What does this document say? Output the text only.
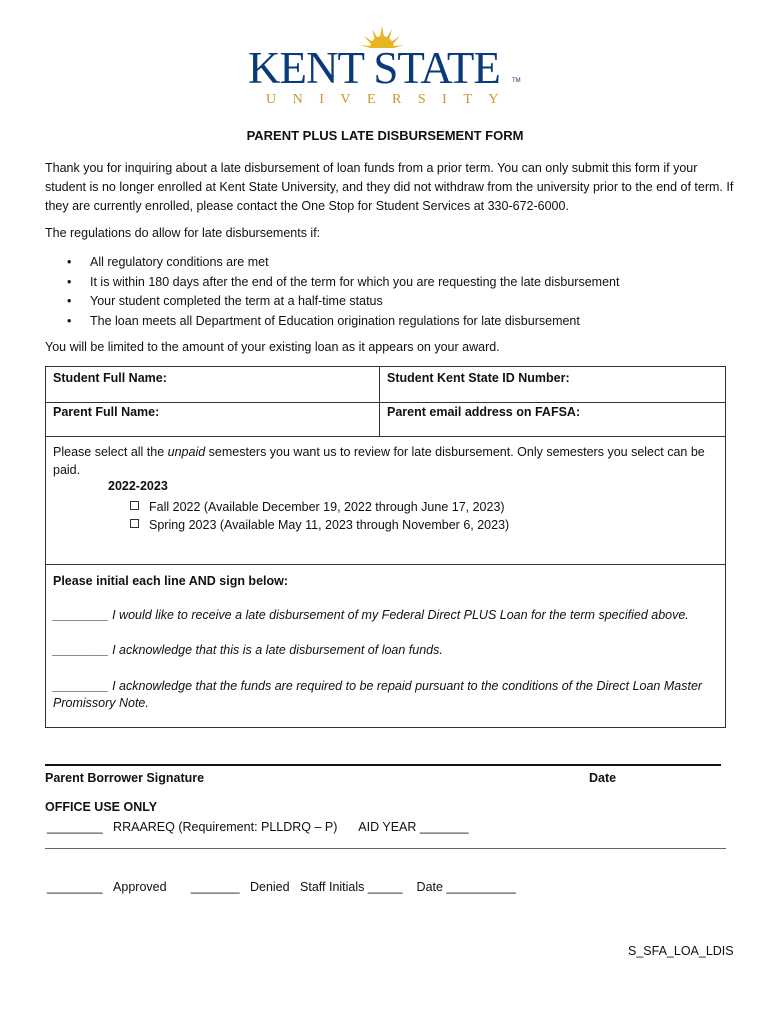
KENT STATE	TM
UNIVERSITY
PARENT PLUS LATE DISBURSEMENT FORM
Thank you for inquiring about a late disbursement of loan funds from a prior term. You can only submit this form if your student is no longer enrolled at Kent State University, and they did not withdraw from the university prior to the end of term. If they are currently enrolled, please contact the One Stop for Student Services at 330-672-6000.
The regulations do allow for late disbursements if:
• All regulatory conditions are met
• It is within 180 days after the end of the term for which you are requesting the late disbursement
• Your student completed the term at a half-time status
• The loan meets all Department of Education origination regulations for late disbursement
You will be limited to the amount of your existing loan as it appears on your award.
Student Full Name:	Student Kent State ID Number:
Parent Full Name:	Parent email address on FAFSA:
Please select all the unpaid semesters you want us to review for late disbursement. Only semesters you select can be paid.
2022-2023
Fall 2022 (Available December 19, 2022 through June 17, 2023)
Spring 2023 (Available May 11, 2023 through November 6, 2023)
Please initial each line AND sign below:
________ I would like to receive a late disbursement of my Federal Direct PLUS Loan for the term specified above.
________ I acknowledge that this is a late disbursement of loan funds.
________ I acknowledge that the funds are required to be repaid pursuant to the conditions of the Direct Loan Master Promissory Note.
Parent Borrower Signature	Date
OFFICE USE ONLY
________ RRAAREQ (Requirement: PLLDRQ – P) AID YEAR _______
________ Approved _______ Denied Staff Initials _____ Date __________
S_SFA_LOA_LDIS
